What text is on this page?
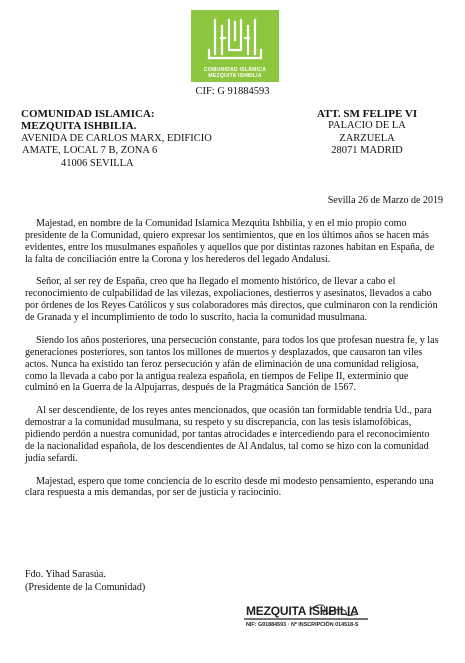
COMUNIDAD ISLÁMICA
MEZQUITA ISHBILIA
CIF: G 91884593
COMUNIDAD ISLAMICA:
MEZQUITA ISHBILIA.
AVENIDA DE CARLOS MARX, EDIFICIO
AMATE, LOCAL 7 B, ZONA 6
41006 SEVILLA
ATT. SM FELIPE VI
PALACIO DE LA ZARZUELA
28071 MADRID
Sevilla 26 de Marzo de 2019

Majestad, en nombre de la Comunidad Islamica Mezquita Ishbilia, y en el mio propio como presidente de la Comunidad, quiero expresar los sentimientos, que en los últimos años se hacen más evidentes, entre los musulmanes españoles y aquellos que por distintas razones habitan en España, de la falta de conciliación entre la Corona y los herederos del legado Andalusí.

Señor, al ser rey de España, creo que ha llegado el momento histórico, de llevar a cabo el reconocimiento de culpabilidad de las vilezas, expoliaciones, destierros y asesinatos, llevados a cabo por órdenes de los Reyes Católicos y sus colaboradores más directos, que culminaron con la rendición de Granada y el incumplimiento de todo lo suscrito, hacia la comunidad musulmana.

Siendo los años posteriores, una persecución constante, para todos los que profesan nuestra fe, y las generaciones posteriores, son tantos los millones de muertos y desplazados, que causaron tan viles actos. Nunca ha existido tan feroz persecución y afán de eliminación de una comunidad religiosa, como la llevada a cabo por la antigua realeza española, en tiempos de Felipe II, exterminio que culminó en la Guerra de la Alpujarras, después de la Pragmática Sanción de 1567.

Al ser descendiente, de los reyes antes mencionados, que ocasión tan formidable tendría Ud., para demostrar a la comunidad musulmana, su respeto y su discrepancia, con las tesis islamofóbicas, pidiendo perdón a nuestra comunidad, por tantas atrocidades e intercediendo para el reconocimiento de la nacionalidad española, de los descendientes de Al Andalus, tal como se hizo con la comunidad judía sefardí.

Majestad, espero que tome conciencia de lo escrito desde mi modesto pensamiento, esperando una clara respuesta a mis demandas, por ser de justicia y raciocinio.

Fdo. Yihad Sarasúa.
(Presidente de la Comunidad)
MEZQUITA ISHBILIA
NIF: G91884593 · Nº INSCRIPCIÓN 014518-S
